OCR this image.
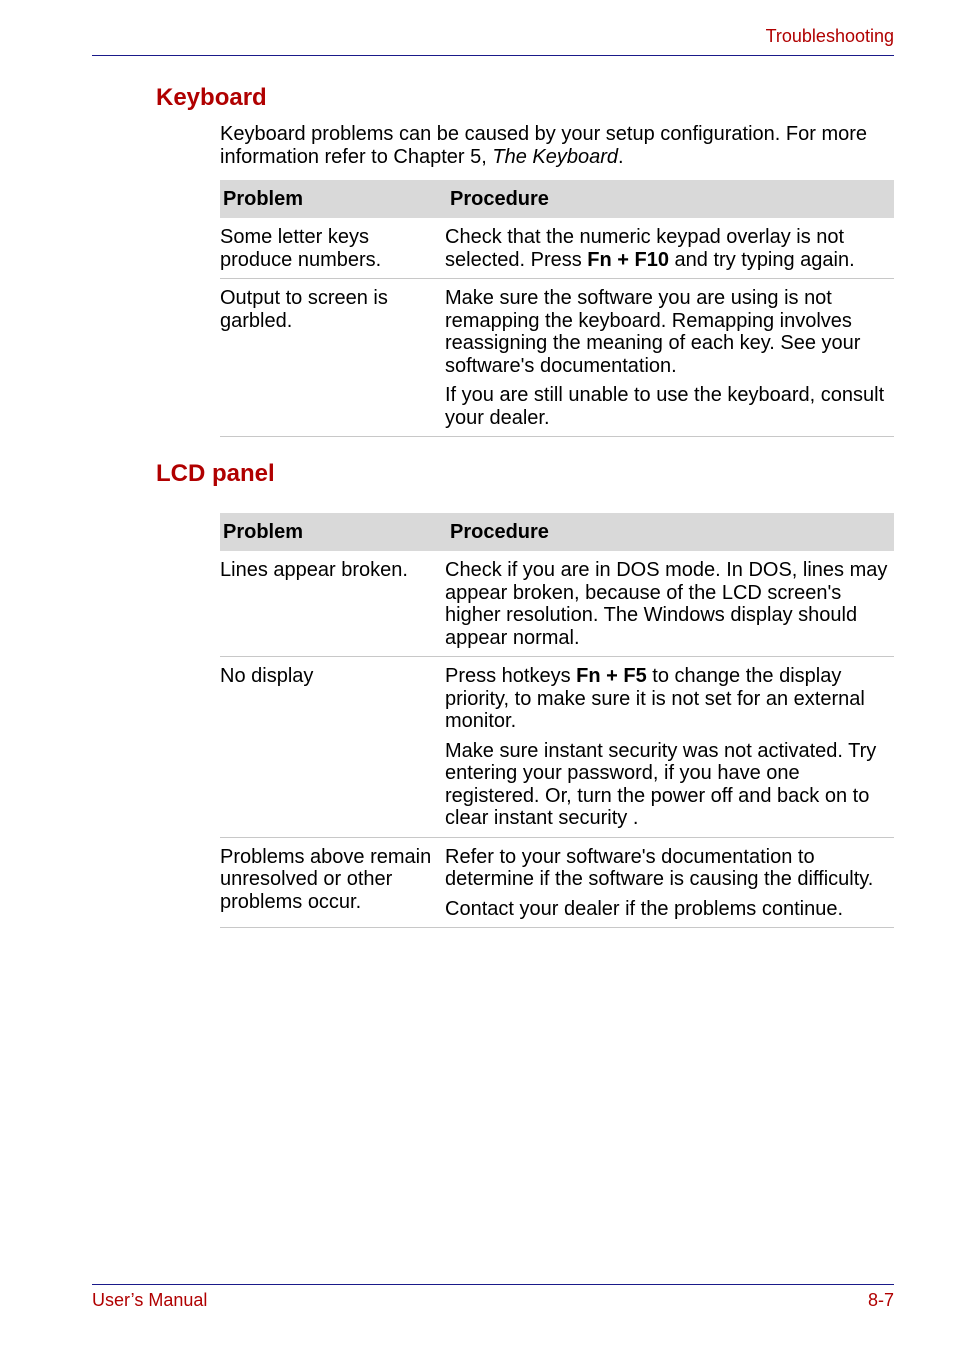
Troubleshooting
Keyboard
Keyboard problems can be caused by your setup configuration. For more information refer to Chapter 5, The Keyboard.
Problem	Procedure
Some letter keys produce numbers.	Check that the numeric keypad overlay is not selected. Press Fn + F10 and try typing again.

Output to screen is garbled.	Make sure the software you are using is not remapping the keyboard. Remapping involves reassigning the meaning of each key. See your software's documentation.

If you are still unable to use the keyboard, consult your dealer.

LCD panel
Problem	Procedure
Lines appear broken.	Check if you are in DOS mode. In DOS, lines may appear broken, because of the LCD screen's higher resolution. The Windows display should appear normal.

No display	Press hotkeys Fn + F5 to change the display priority, to make sure it is not set for an external monitor.

Make sure instant security was not activated. Try entering your password, if you have one registered. Or, turn the power off and back on to clear instant security .

Problems above remain unresolved or other problems occur.	Refer to your software's documentation to determine if the software is causing the difficulty.

Contact your dealer if the problems continue.

User’s Manual	8-7
